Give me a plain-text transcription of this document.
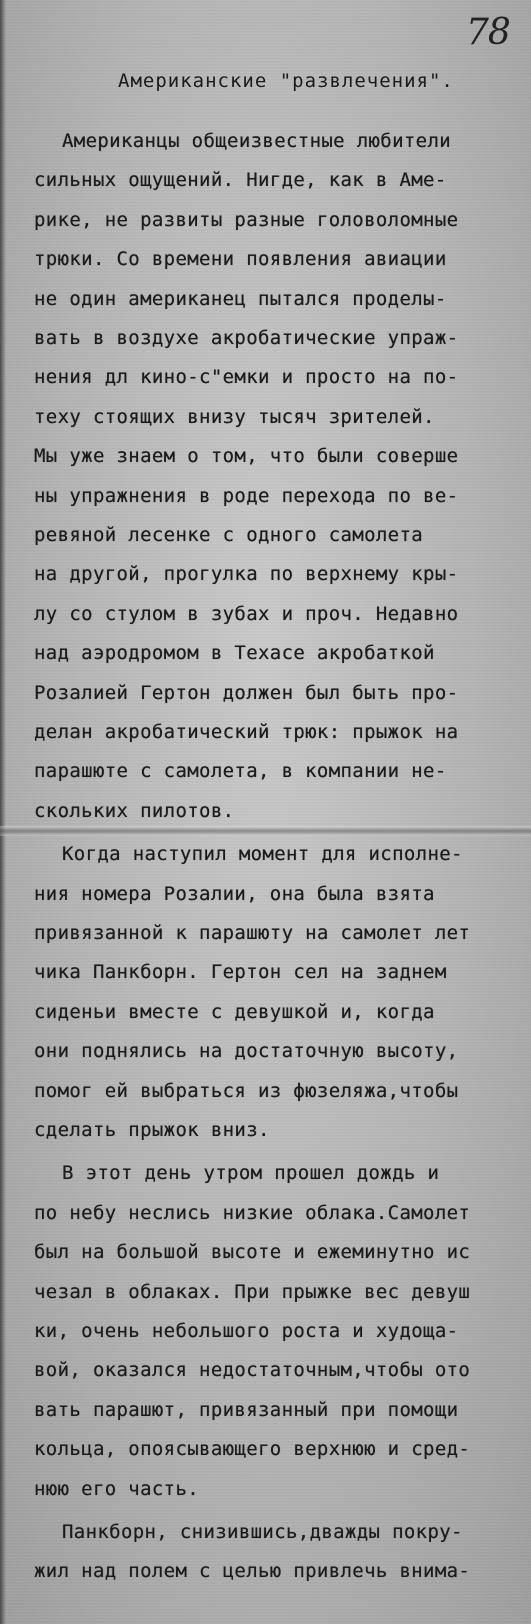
78
Американские "развлечения".
Американцы общеизвестные любители
сильных ощущений. Нигде, как в Аме-
рике, не развиты разные головоломные
трюки. Со времени появления авиации
не один американец пытался проделы-
вать в воздухе акробатические упраж-
нения дл кино-с"емки и просто на по-
теху стоящих внизу тысяч зрителей.
Мы уже знаем о том, что были соверше
ны упражнения в роде перехода по ве-
ревяной лесенке с одного самолета
на другой, прогулка по верхнему кры-
лу со стулом в зубах и проч. Недавно
над аэродромом в Техасе акробаткой
Розалией Гертон должен был быть про-
делан акробатический трюк: прыжок на
парашюте с самолета, в компании не-
скольких пилотов.
Когда наступил момент для исполне-
ния номера Розалии, она была взята
привязанной к парашюту на самолет лет
чика Панкборн. Гертон сел на заднем
сиденьи вместе с девушкой и, когда
они поднялись на достаточную высоту,
помог ей выбраться из фюзеляжа,чтобы
сделать прыжок вниз.
В этот день утром прошел дождь и
по небу неслись низкие облака.Самолет
был на большой высоте и ежеминутно ис
чезал в облаках. При прыжке вес девуш
ки, очень небольшого роста и худоща-
вой, оказался недостаточным,чтобы ото
вать парашют, привязанный при помощи
кольца, опоясывающего верхнюю и сред-
нюю его часть.
Панкборн, снизившись,дважды покру-
жил над полем с целью привлечь внима-
